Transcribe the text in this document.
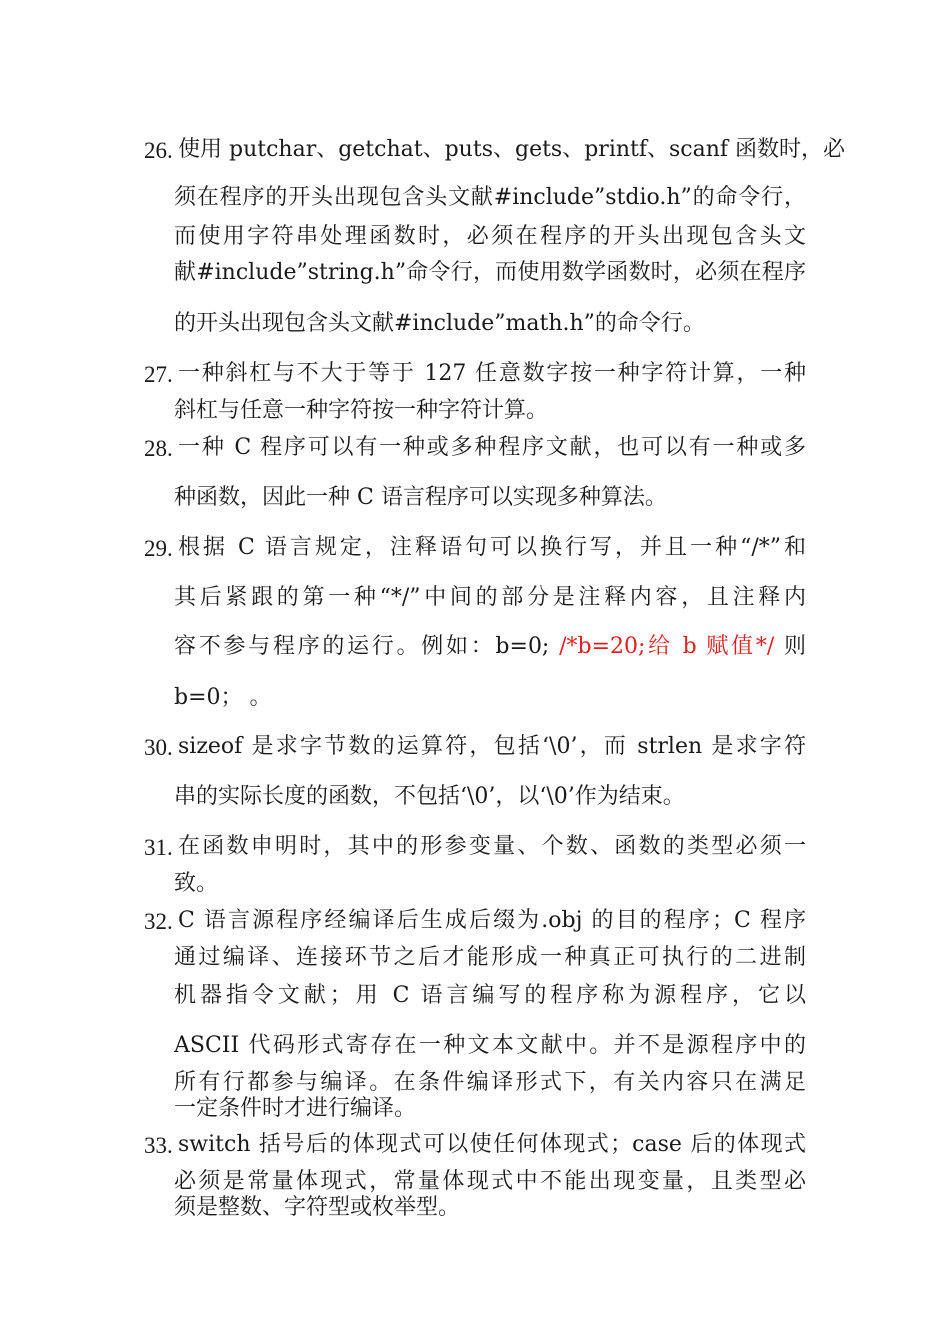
26. 使用 putchar、getchat、puts、gets、printf、scanf 函数时，必
须在程序的开头出现包含头文献#include”stdio.h”的命令行，
而使用字符串处理函数时，必须在程序的开头出现包含头文
献#include”string.h”命令行，而使用数学函数时，必须在程序
的开头出现包含头文献#include”math.h”的命令行。
27. 一种斜杠与不大于等于 127 任意数字按一种字符计算，一种
斜杠与任意一种字符按一种字符计算。
28. 一种 C 程序可以有一种或多种程序文献，也可以有一种或多
种函数，因此一种 C 语言程序可以实现多种算法。
29. 根据 C 语言规定，注释语句可以换行写，并且一种“/*”和
其后紧跟的第一种“*/”中间的部分是注释内容，且注释内
容不参与程序的运行。例如：b=0; /*b=20;给 b 赋值*/ 则
b=0； 。
30. sizeof 是求字节数的运算符，包括‘\0’，而 strlen 是求字符
串的实际长度的函数，不包括‘\0’，以‘\0’作为结束。
31. 在函数申明时，其中的形参变量、个数、函数的类型必须一
致。
32. C 语言源程序经编译后生成后缀为.obj 的目的程序；C 程序
通过编译、连接环节之后才能形成一种真正可执行的二进制
机器指令文献；用 C 语言编写的程序称为源程序，它以
ASCII 代码形式寄存在一种文本文献中。并不是源程序中的
所有行都参与编译。在条件编译形式下，有关内容只在满足
一定条件时才进行编译。
33. switch 括号后的体现式可以使任何体现式；case 后的体现式
必须是常量体现式，常量体现式中不能出现变量，且类型必
须是整数、字符型或枚举型。
